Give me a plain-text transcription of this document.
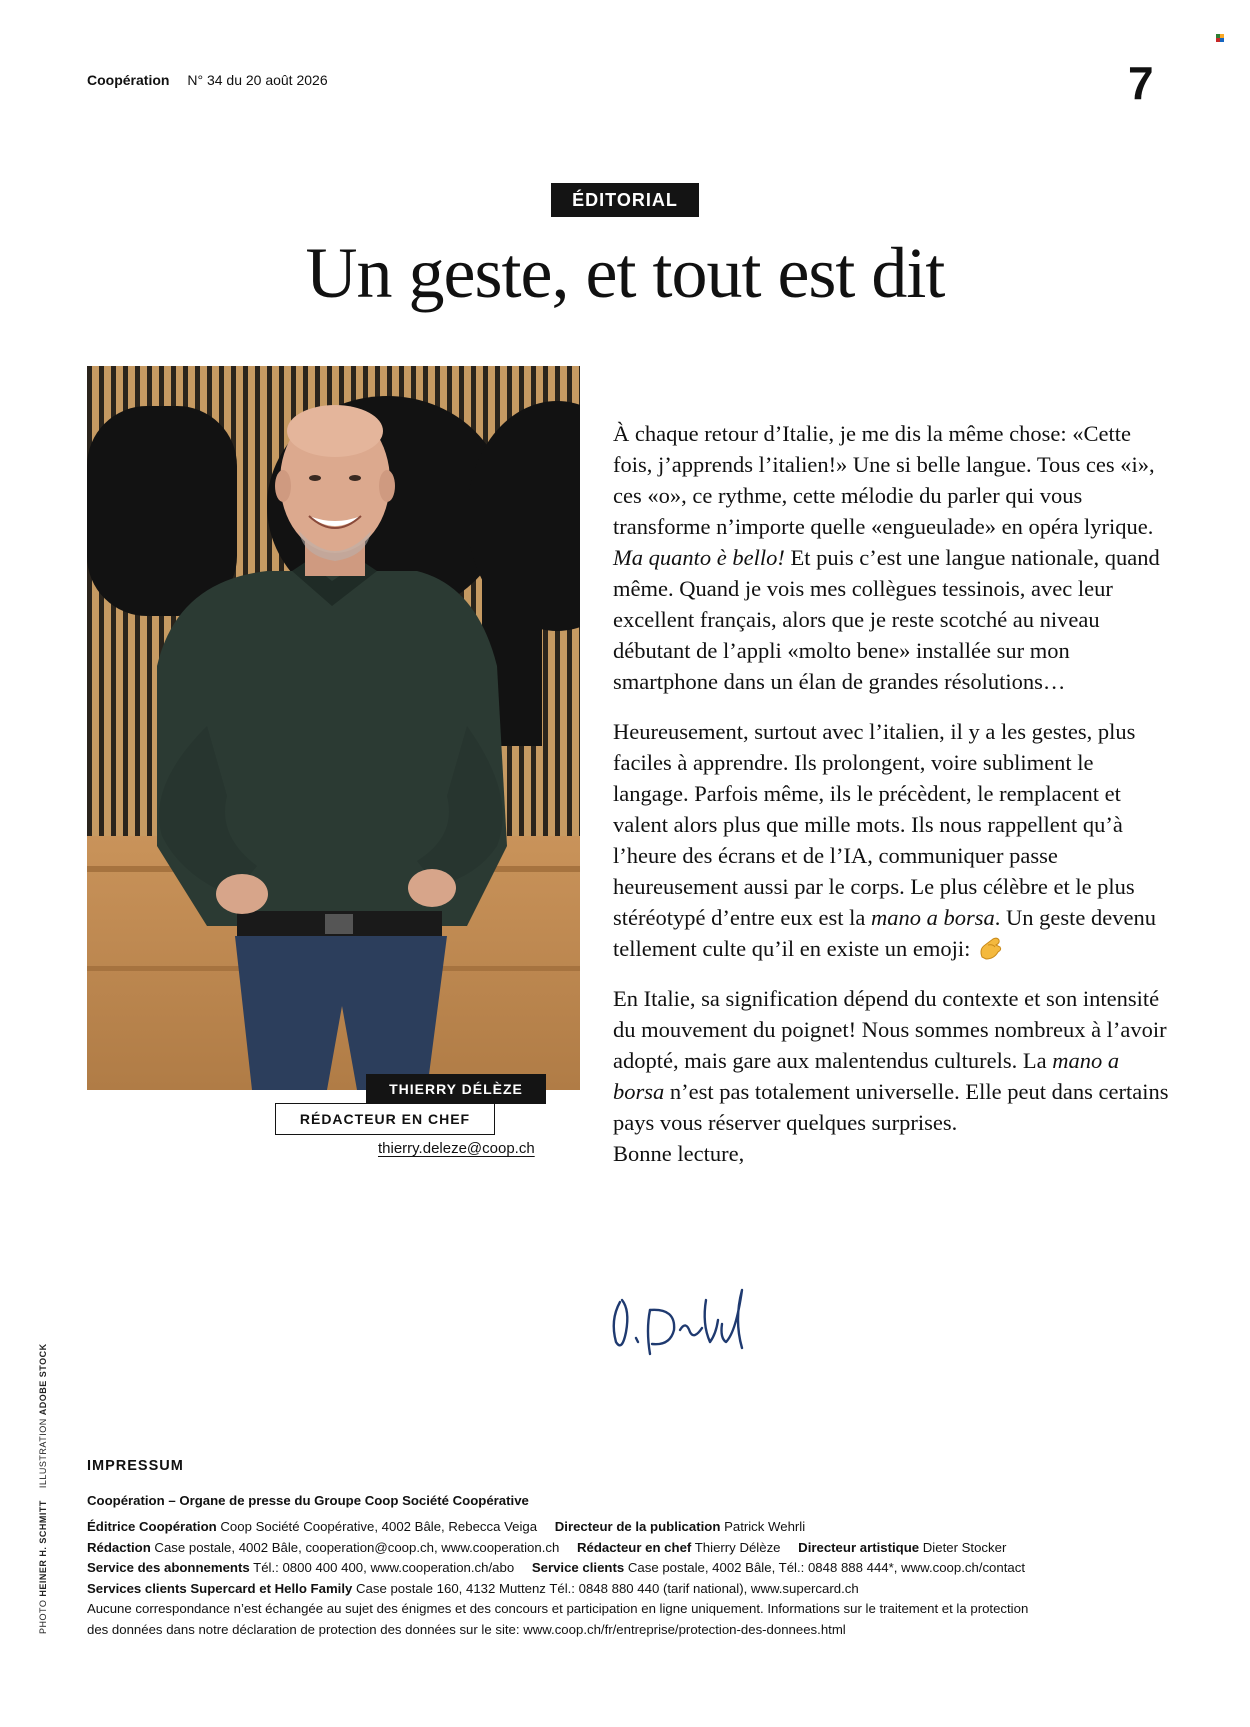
Coopération N° 34 du 20 août 2026	7
ÉDITORIAL
Un geste, et tout est dit
THIERRY DÉLÈZE
RÉDACTEUR EN CHEF
thierry.deleze@coop.ch

À chaque retour d’Italie, je me dis la même chose: «Cette fois, j’apprends l’italien!» Une si belle langue. Tous ces «i», ces «o», ce rythme, cette mélodie du parler qui vous transforme n’importe quelle «engueulade» en opéra lyrique. Ma quanto è bello! Et puis c’est une langue nationale, quand même. Quand je vois mes collègues tessinois, avec leur excellent français, alors que je reste scotché au niveau débutant de l’appli «molto bene» installée sur mon smartphone dans un élan de grandes résolutions…

Heureusement, surtout avec l’italien, il y a les gestes, plus faciles à apprendre. Ils prolongent, voire subliment le langage. Parfois même, ils le précèdent, le remplacent et valent alors plus que mille mots. Ils nous rappellent qu’à l’heure des écrans et de l’IA, communiquer passe heureusement aussi par le corps. Le plus célèbre et le plus stéréotypé d’entre eux est la mano a borsa. Un geste devenu tellement culte qu’il en existe un emoji:

En Italie, sa signification dépend du contexte et son intensité du mouvement du poignet! Nous sommes nombreux à l’avoir adopté, mais gare aux malentendus culturels. La mano a borsa n’est pas totalement universelle. Elle peut dans certains pays vous réserver quelques surprises.
Bonne lecture,

PHOTO HEINER H. SCHMITT    ILLUSTRATION ADOBE STOCK
IMPRESSUM
Coopération – Organe de presse du Groupe Coop Société Coopérative
Éditrice Coopération Coop Société Coopérative, 4002 Bâle, Rebecca Veiga Directeur de la publication Patrick Wehrli
Rédaction Case postale, 4002 Bâle, cooperation@coop.ch, www.cooperation.ch Rédacteur en chef Thierry Délèze Directeur artistique Dieter Stocker
Service des abonnements Tél.: 0800 400 400, www.cooperation.ch/abo Service clients Case postale, 4002 Bâle, Tél.: 0848 888 444*, www.coop.ch/contact
Services clients Supercard et Hello Family Case postale 160, 4132 Muttenz Tél.: 0848 880 440 (tarif national), www.supercard.ch
Aucune correspondance n’est échangée au sujet des énigmes et des concours et participation en ligne uniquement. Informations sur le traitement et la protection
des données dans notre déclaration de protection des données sur le site: www.coop.ch/fr/entreprise/protection-des-donnees.html
